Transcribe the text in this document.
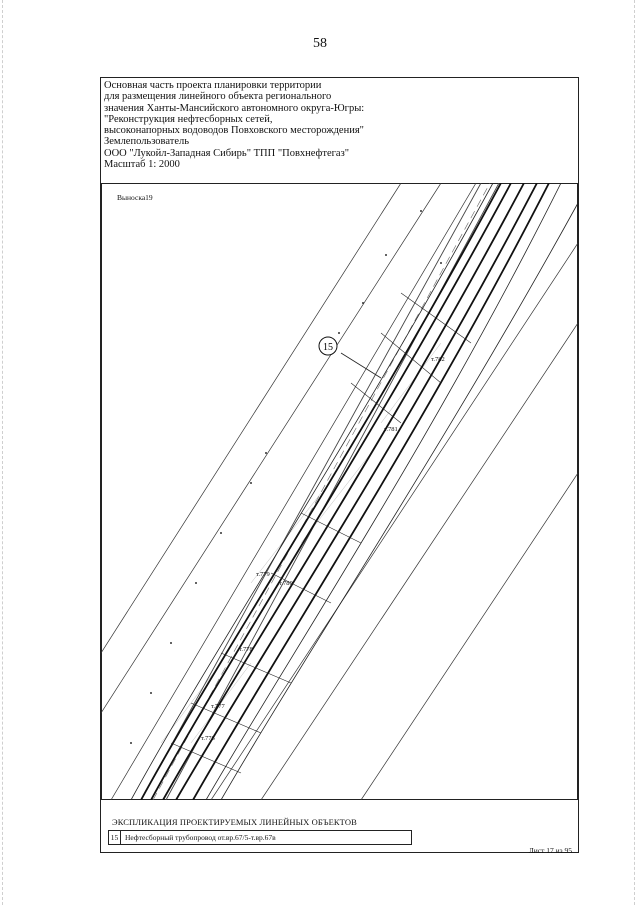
58
Основная часть проекта планировки территории
для размещения линейного объекта регионального
значения Ханты-Мансийского автономного округа-Югры:
"Реконструкция нефтесборных сетей,
высоконапорных водоводов Повховского месторождения"
Землепользователь
ООО "Лукойл-Западная Сибирь" ТПП "Повхнефтегаз"
Масштаб 1: 2000
15
т.782
т.781
т.780
т.779
т.778
т.777
т.776
Выноска19
ЭКСПЛИКАЦИЯ ПРОЕКТИРУЕМЫХ ЛИНЕЙНЫХ ОБЪЕКТОВ
15 Нефтесборный трубопровод от.вр.67/5-т.вр.67в
Лист 17 из 95
